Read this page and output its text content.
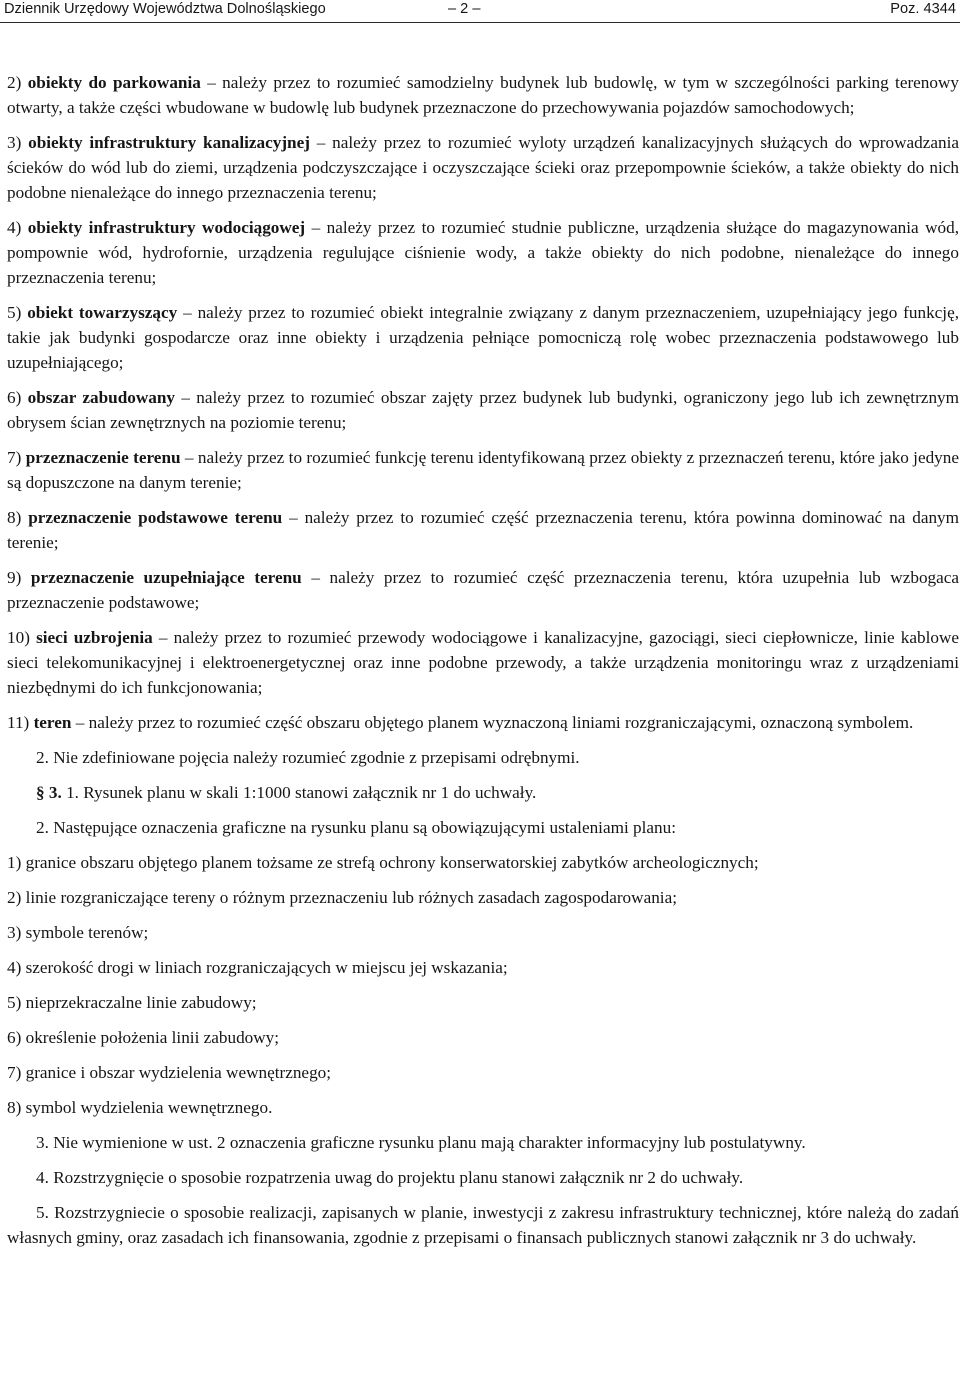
Dziennik Urzędowy Województwa Dolnośląskiego	– 2 –	Poz. 4344

2) obiekty do parkowania – należy przez to rozumieć samodzielny budynek lub budowlę, w tym w szczególności parking terenowy otwarty, a także części wbudowane w budowlę lub budynek przeznaczone do przechowywania pojazdów samochodowych;

3) obiekty infrastruktury kanalizacyjnej – należy przez to rozumieć wyloty urządzeń kanalizacyjnych służących do wprowadzania ścieków do wód lub do ziemi, urządzenia podczyszczające i oczyszczające ścieki oraz przepompownie ścieków, a także obiekty do nich podobne nienależące do innego przeznaczenia terenu;

4) obiekty infrastruktury wodociągowej – należy przez to rozumieć studnie publiczne, urządzenia służące do magazynowania wód, pompownie wód, hydrofornie, urządzenia regulujące ciśnienie wody, a także obiekty do nich podobne, nienależące do innego przeznaczenia terenu;

5) obiekt towarzyszący – należy przez to rozumieć obiekt integralnie związany z danym przeznaczeniem, uzupełniający jego funkcję, takie jak budynki gospodarcze oraz inne obiekty i urządzenia pełniące pomocniczą rolę wobec przeznaczenia podstawowego lub uzupełniającego;

6) obszar zabudowany – należy przez to rozumieć obszar zajęty przez budynek lub budynki, ograniczony jego lub ich zewnętrznym obrysem ścian zewnętrznych na poziomie terenu;

7) przeznaczenie terenu – należy przez to rozumieć funkcję terenu identyfikowaną przez obiekty z przeznaczeń terenu, które jako jedyne są dopuszczone na danym terenie;

8) przeznaczenie podstawowe terenu – należy przez to rozumieć część przeznaczenia terenu, która powinna dominować na danym terenie;

9) przeznaczenie uzupełniające terenu – należy przez to rozumieć część przeznaczenia terenu, która uzupełnia lub wzbogaca przeznaczenie podstawowe;

10) sieci uzbrojenia – należy przez to rozumieć przewody wodociągowe i kanalizacyjne, gazociągi, sieci ciepłownicze, linie kablowe sieci telekomunikacyjnej i elektroenergetycznej oraz inne podobne przewody, a także urządzenia monitoringu wraz z urządzeniami niezbędnymi do ich funkcjonowania;

11) teren – należy przez to rozumieć część obszaru objętego planem wyznaczoną liniami rozgraniczającymi, oznaczoną symbolem.

2. Nie zdefiniowane pojęcia należy rozumieć zgodnie z przepisami odrębnymi.

§ 3. 1. Rysunek planu w skali 1:1000 stanowi załącznik nr 1 do uchwały.

2. Następujące oznaczenia graficzne na rysunku planu są obowiązującymi ustaleniami planu:

1) granice obszaru objętego planem tożsame ze strefą ochrony konserwatorskiej zabytków archeologicznych;

2) linie rozgraniczające tereny o różnym przeznaczeniu lub różnych zasadach zagospodarowania;

3) symbole terenów;

4) szerokość drogi w liniach rozgraniczających w miejscu jej wskazania;

5) nieprzekraczalne linie zabudowy;

6) określenie położenia linii zabudowy;

7) granice i obszar wydzielenia wewnętrznego;

8) symbol wydzielenia wewnętrznego.

3. Nie wymienione w ust. 2 oznaczenia graficzne rysunku planu mają charakter informacyjny lub postulatywny.

4. Rozstrzygnięcie o sposobie rozpatrzenia uwag do projektu planu stanowi załącznik nr 2 do uchwały.

5. Rozstrzygniecie o sposobie realizacji, zapisanych w planie, inwestycji z zakresu infrastruktury technicznej, które należą do zadań własnych gminy, oraz zasadach ich finansowania, zgodnie z przepisami o finansach publicznych stanowi załącznik nr 3 do uchwały.
